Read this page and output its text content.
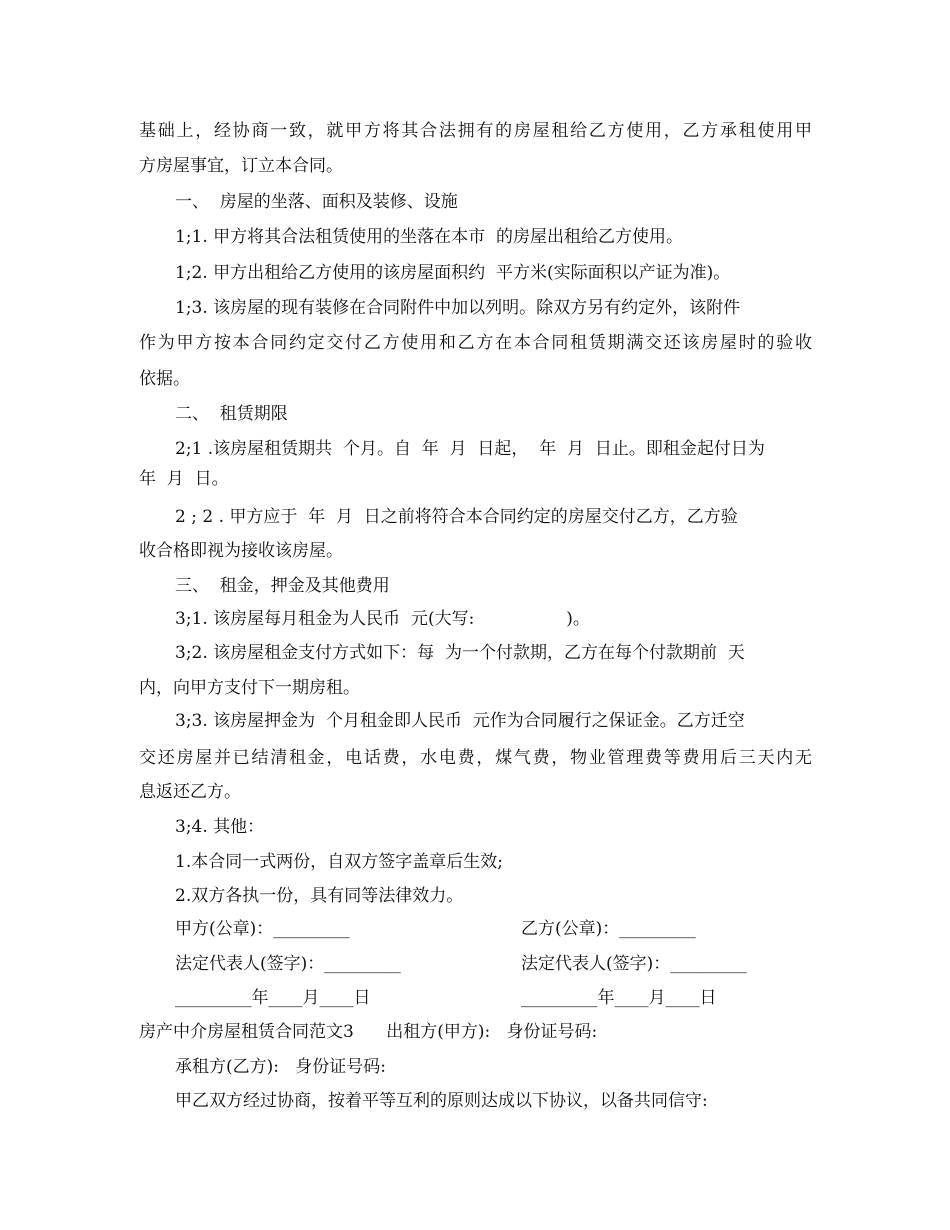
基础上，经协商一致，就甲方将其合法拥有的房屋租给乙方使用，乙方承租使用甲
方房屋事宜，订立本合同。
一、  房屋的坐落、面积及装修、设施
1;1. 甲方将其合法租赁使用的坐落在本市  的房屋出租给乙方使用。
1;2. 甲方出租给乙方使用的该房屋面积约  平方米(实际面积以产证为准)。
1;3. 该房屋的现有装修在合同附件中加以列明。除双方另有约定外，该附件
作为甲方按本合同约定交付乙方使用和乙方在本合同租赁期满交还该房屋时的验收
依据。
二、  租赁期限
2;1 .该房屋租赁期共  个月。自  年  月  日起，  年  月  日止。即租金起付日为
年  月  日。
2 ; 2 . 甲方应于  年  月  日之前将符合本合同约定的房屋交付乙方，乙方验
收合格即视为接收该房屋。
三、  租金，押金及其他费用
3;1. 该房屋每月租金为人民币  元(大写:                 )。
3;2. 该房屋租金支付方式如下：每  为一个付款期，乙方在每个付款期前  天
内，向甲方支付下一期房租。
3;3. 该房屋押金为  个月租金即人民币  元作为合同履行之保证金。乙方迁空
交还房屋并已结清租金，电话费，水电费，煤气费，物业管理费等费用后三天内无
息返还乙方。
3;4. 其他：
1.本合同一式两份，自双方签字盖章后生效;
2.双方各执一份，具有同等法律效力。
甲方(公章)：_________	乙方(公章)：_________
法定代表人(签字)：_________	法定代表人(签字)：_________
_________年____月____日	_________年____月____日
房产中介房屋租赁合同范文3      出租方(甲方):   身份证号码:
承租方(乙方):   身份证号码:
甲乙双方经过协商，按着平等互利的原则达成以下协议，以备共同信守:
